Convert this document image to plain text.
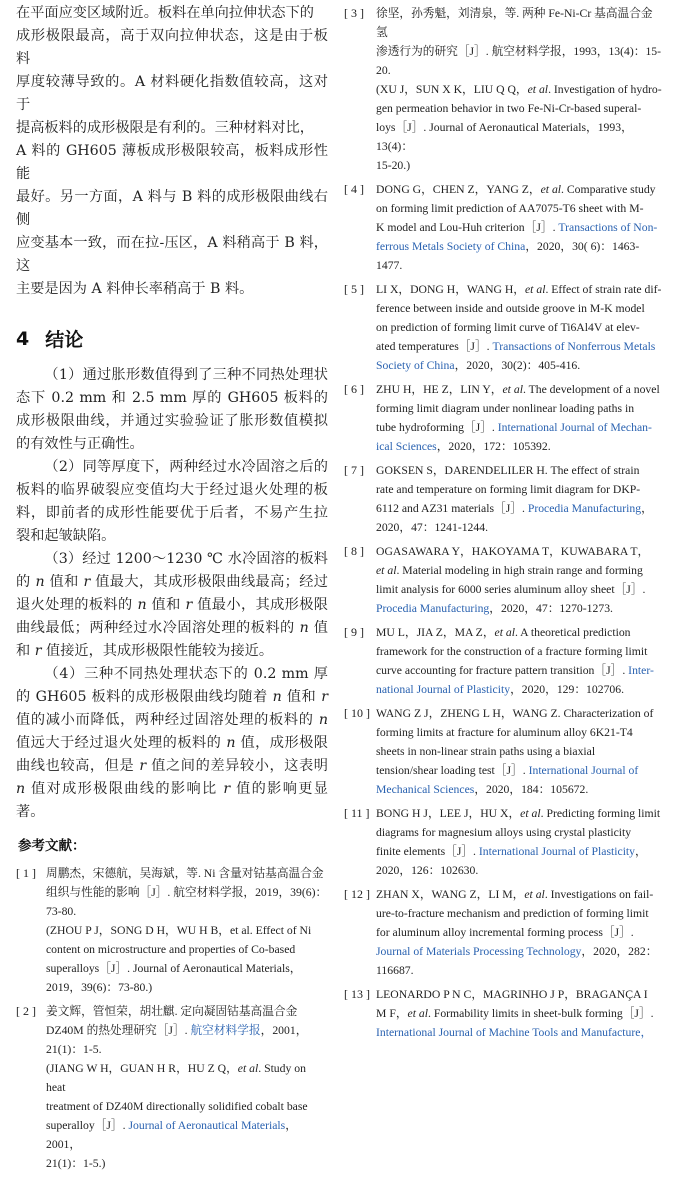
在平面应变区域附近。板料在单向拉伸状态下的
成形极限最高，高于双向拉伸状态，这是由于板料
厚度较薄导致的。A 材料硬化指数值较高，这对于
提高板料的成形极限是有利的。三种材料对比，
A 料的 GH605 薄板成形极限较高，板料成形性能
最好。另一方面，A 料与 B 料的成形极限曲线右侧
应变基本一致，而在拉-压区，A 料稍高于 B 料，这
主要是因为 A 料伸长率稍高于 B 料。

4 结论

（1）通过胀形数值得到了三种不同热处理状态下 0.2 mm 和 2.5 mm 厚的 GH605 板料的成形极限曲线，并通过实验验证了胀形数值模拟的有效性与正确性。

（2）同等厚度下，两种经过水冷固溶之后的板料的临界破裂应变值均大于经过退火处理的板料，即前者的成形性能要优于后者，不易产生拉裂和起皱缺陷。

（3）经过 1200～1230 ℃ 水冷固溶的板料的 n 值和 r 值最大，其成形极限曲线最高；经过退火处理的板料的 n 值和 r 值最小，其成形极限曲线最低；两种经过水冷固溶处理的板料的 n 值和 r 值接近，其成形极限性能较为接近。

（4）三种不同热处理状态下的 0.2 mm 厚的 GH605 板料的成形极限曲线均随着 n 值和 r 值的减小而降低，两种经过固溶处理的板料的 n 值远大于经过退火处理的板料的 n 值，成形极限曲线也较高，但是 r 值之间的差异较小，这表明 n 值对成形极限曲线的影响比 r 值的影响更显著。

参考文献：
[ 1 ] 周鹏杰，宋德航，吴海斌，等. Ni 含量对钴基高温合金
组织与性能的影响［J］. 航空材料学报，2019，39(6)：
73-80.
(ZHOU P J，SONG D H，WU H B，et al. Effect of Ni
content on microstructure and properties of Co-based
superalloys［J］. Journal of Aeronautical Materials，2019，39(6)：73-80.)
[ 2 ] 姜文辉，管恒荣，胡壮麒. 定向凝固钴基高温合金
DZ40M 的热处理研究［J］. 航空材料学报，2001，
21(1)：1-5.
(JIANG W H，GUAN H R，HU Z Q，et al. Study on heat
treatment of DZ40M directionally solidified cobalt base
superalloy［J］. Journal of Aeronautical Materials，2001，
21(1)：1-5.)
[ 3 ]	徐坚，孙秀魁，刘清泉，等. 两种 Fe-Ni-Cr 基高温合金氢
渗透行为的研究［J］. 航空材料学报，1993，13(4)：15-
20.
(XU J，SUN X K，LIU Q Q，et al. Investigation of hydro-
gen permeation behavior in two Fe-Ni-Cr-based superal-
loys［J］. Journal of Aeronautical Materials，1993，13(4)：
15-20.)
[ 4 ]	DONG G，CHEN Z，YANG Z，et al. Comparative study
on forming limit prediction of AA7075-T6 sheet with M-
K model and Lou-Huh criterion［J］. Transactions of Non-
ferrous Metals Society of China，2020，30( 6)：1463-
1477.
[ 5 ]	LI X，DONG H，WANG H，et al. Effect of strain rate dif-
ference between inside and outside groove in M-K model
on prediction of forming limit curve of Ti6Al4V at elev-
ated temperatures［J］. Transactions of Nonferrous Metals
Society of China，2020，30(2)：405-416.
[ 6 ]	ZHU H，HE Z，LIN Y，et al. The development of a novel
forming limit diagram under nonlinear loading paths in
tube hydroforming［J］. International Journal of Mechan-
ical Sciences，2020，172：105392.
[ 7 ]	GOKSEN S，DARENDELILER H. The effect of strain
rate and temperature on forming limit diagram for DKP-
6112 and AZ31 materials［J］. Procedia Manufacturing，
2020，47：1241-1244.
[ 8 ]	OGASAWARA Y，HAKOYAMA T，KUWABARA T，
et al. Material modeling in high strain range and forming
limit analysis for 6000 series aluminum alloy sheet［J］.
Procedia Manufacturing，2020，47：1270-1273.
[ 9 ]	MU L，JIA Z，MA Z，et al. A theoretical prediction
framework for the construction of a fracture forming limit
curve accounting for fracture pattern transition［J］. Inter-
national Journal of Plasticity，2020，129：102706.
[ 10 ] WANG Z J，ZHENG L H，WANG Z. Characterization of
forming limits at fracture for aluminum alloy 6K21-T4
sheets in non-linear strain paths using a biaxial
tension/shear loading test［J］. International Journal of
Mechanical Sciences，2020，184：105672.
[ 11 ] BONG H J，LEE J，HU X，et al. Predicting forming limit
diagrams for magnesium alloys using crystal plasticity
finite elements［J］. International Journal of Plasticity，
2020，126：102630.
[ 12 ] ZHAN X，WANG Z，LI M，et al. Investigations on fail-
ure-to-fracture mechanism and prediction of forming limit
for aluminum alloy incremental forming process［J］.
Journal of Materials Processing Technology，2020，282：
116687.
[ 13 ] LEONARDO P N C，MAGRINHO J P，BRAGANÇA I
M F，et al. Formability limits in sheet-bulk forming［J］.
International Journal of Machine Tools and Manufacture，
